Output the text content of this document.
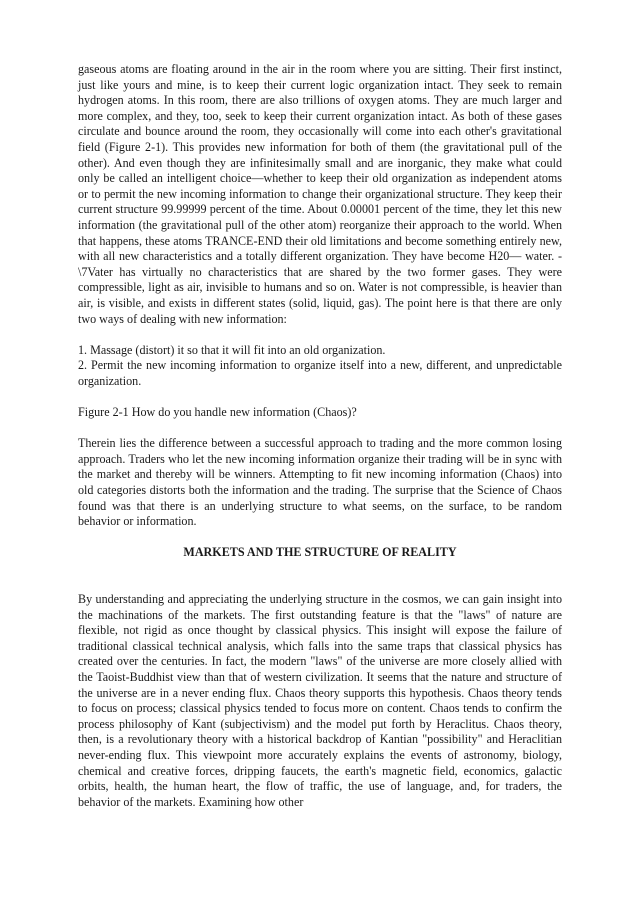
gaseous atoms are floating around in the air in the room where you are sitting. Their first instinct, just like yours and mine, is to keep their current logic organization intact. They seek to remain hydrogen atoms. In this room, there are also trillions of oxygen atoms. They are much larger and more complex, and they, too, seek to keep their current organization intact. As both of these gases circulate and bounce around the room, they occasionally will come into each other's gravitational field (Figure 2-1). This provides new information for both of them (the gravitational pull of the other). And even though they are infinitesimally small and are inorganic, they make what could only be called an intelligent choice—whether to keep their old organization as independent atoms or to permit the new incoming information to change their organizational structure. They keep their current structure 99.99999 percent of the time. About 0.00001 percent of the time, they let this new information (the gravitational pull of the other atom) reorganize their approach to the world. When that happens, these atoms TRANCE-END their old limitations and become something entirely new, with all new characteristics and a totally different organization. They have become H20— water. -\7Vater has virtually no characteristics that are shared by the two former gases. They were compressible, light as air, invisible to humans and so on. Water is not compressible, is heavier than air, is visible, and exists in different states (solid, liquid, gas). The point here is that there are only two ways of dealing with new information:

1. Massage (distort) it so that it will fit into an old organization.

2. Permit the new incoming information to organize itself into a new, different, and unpredictable organization.

Figure 2-1 How do you handle new information (Chaos)?

Therein lies the difference between a successful approach to trading and the more common losing approach. Traders who let the new incoming information organize their trading will be in sync with the market and thereby will be winners. Attempting to fit new incoming information (Chaos) into old categories distorts both the information and the trading. The surprise that the Science of Chaos found was that there is an underlying structure to what seems, on the surface, to be random behavior or information.

MARKETS AND THE STRUCTURE OF REALITY

By understanding and appreciating the underlying structure in the cosmos, we can gain insight into the machinations of the markets. The first outstanding feature is that the "laws" of nature are flexible, not rigid as once thought by classical physics. This insight will expose the failure of traditional classical technical analysis, which falls into the same traps that classical physics has created over the centuries. In fact, the modern "laws" of the universe are more closely allied with the Taoist-Buddhist view than that of western civilization. It seems that the nature and structure of the universe are in a never ending flux. Chaos theory supports this hypothesis. Chaos theory tends to focus on process; classical physics tended to focus more on content. Chaos tends to confirm the process philosophy of Kant (subjectivism) and the model put forth by Heraclitus. Chaos theory, then, is a revolutionary theory with a historical backdrop of Kantian "possibility" and Heraclitian never-ending flux. This viewpoint more accurately explains the events of astronomy, biology, chemical and creative forces, dripping faucets, the earth's magnetic field, economics, galactic orbits, health, the human heart, the flow of traffic, the use of language, and, for traders, the behavior of the markets. Examining how other
